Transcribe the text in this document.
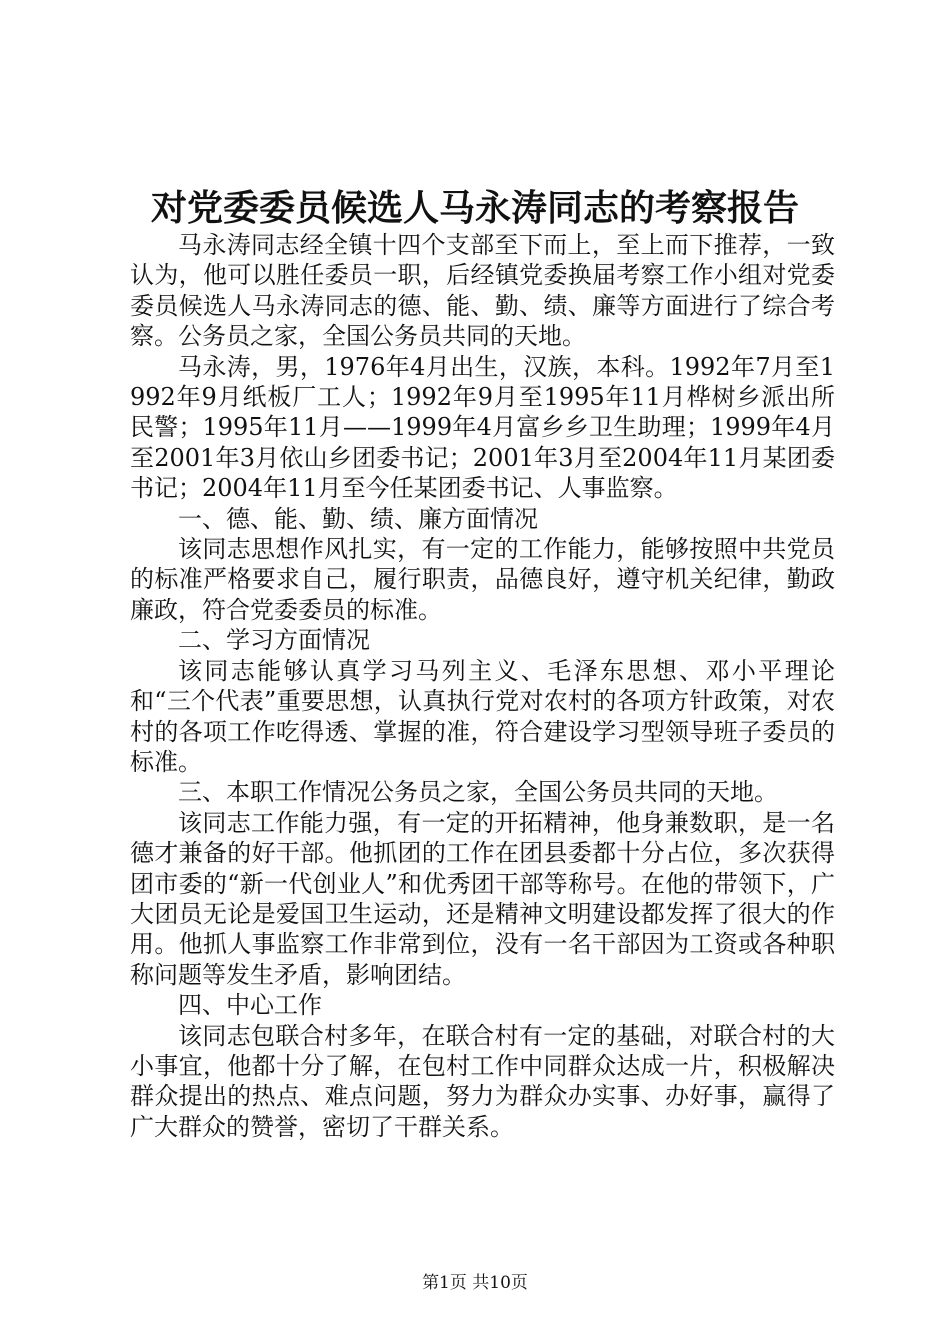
对党委委员候选人马永涛同志的考察报告

马永涛同志经全镇十四个支部至下而上，至上而下推荐，一致认为，他可以胜任委员一职，后经镇党委换届考察工作小组对党委委员候选人马永涛同志的德、能、勤、绩、廉等方面进行了综合考察。公务员之家，全国公务员共同的天地。

马永涛，男，1976年4月出生，汉族，本科。1992年7月至1992年9月纸板厂工人；1992年9月至1995年11月桦树乡派出所民警；1995年11月——1999年4月富乡乡卫生助理；1999年4月至2001年3月依山乡团委书记；2001年3月至2004年11月某团委书记；2004年11月至今任某团委书记、人事监察。

一、德、能、勤、绩、廉方面情况

该同志思想作风扎实，有一定的工作能力，能够按照中共党员的标准严格要求自己，履行职责，品德良好，遵守机关纪律，勤政廉政，符合党委委员的标准。

二、学习方面情况

该同志能够认真学习马列主义、毛泽东思想、邓小平理论和“三个代表”重要思想，认真执行党对农村的各项方针政策，对农村的各项工作吃得透、掌握的准，符合建设学习型领导班子委员的标准。

三、本职工作情况公务员之家，全国公务员共同的天地。

该同志工作能力强，有一定的开拓精神，他身兼数职，是一名德才兼备的好干部。他抓团的工作在团县委都十分占位，多次获得团市委的“新一代创业人”和优秀团干部等称号。在他的带领下，广大团员无论是爱国卫生运动，还是精神文明建设都发挥了很大的作用。他抓人事监察工作非常到位，没有一名干部因为工资或各种职称问题等发生矛盾，影响团结。

四、中心工作

该同志包联合村多年，在联合村有一定的基础，对联合村的大小事宜，他都十分了解，在包村工作中同群众达成一片，积极解决群众提出的热点、难点问题，努力为群众办实事、办好事，赢得了广大群众的赞誉，密切了干群关系。

第1页 共10页
